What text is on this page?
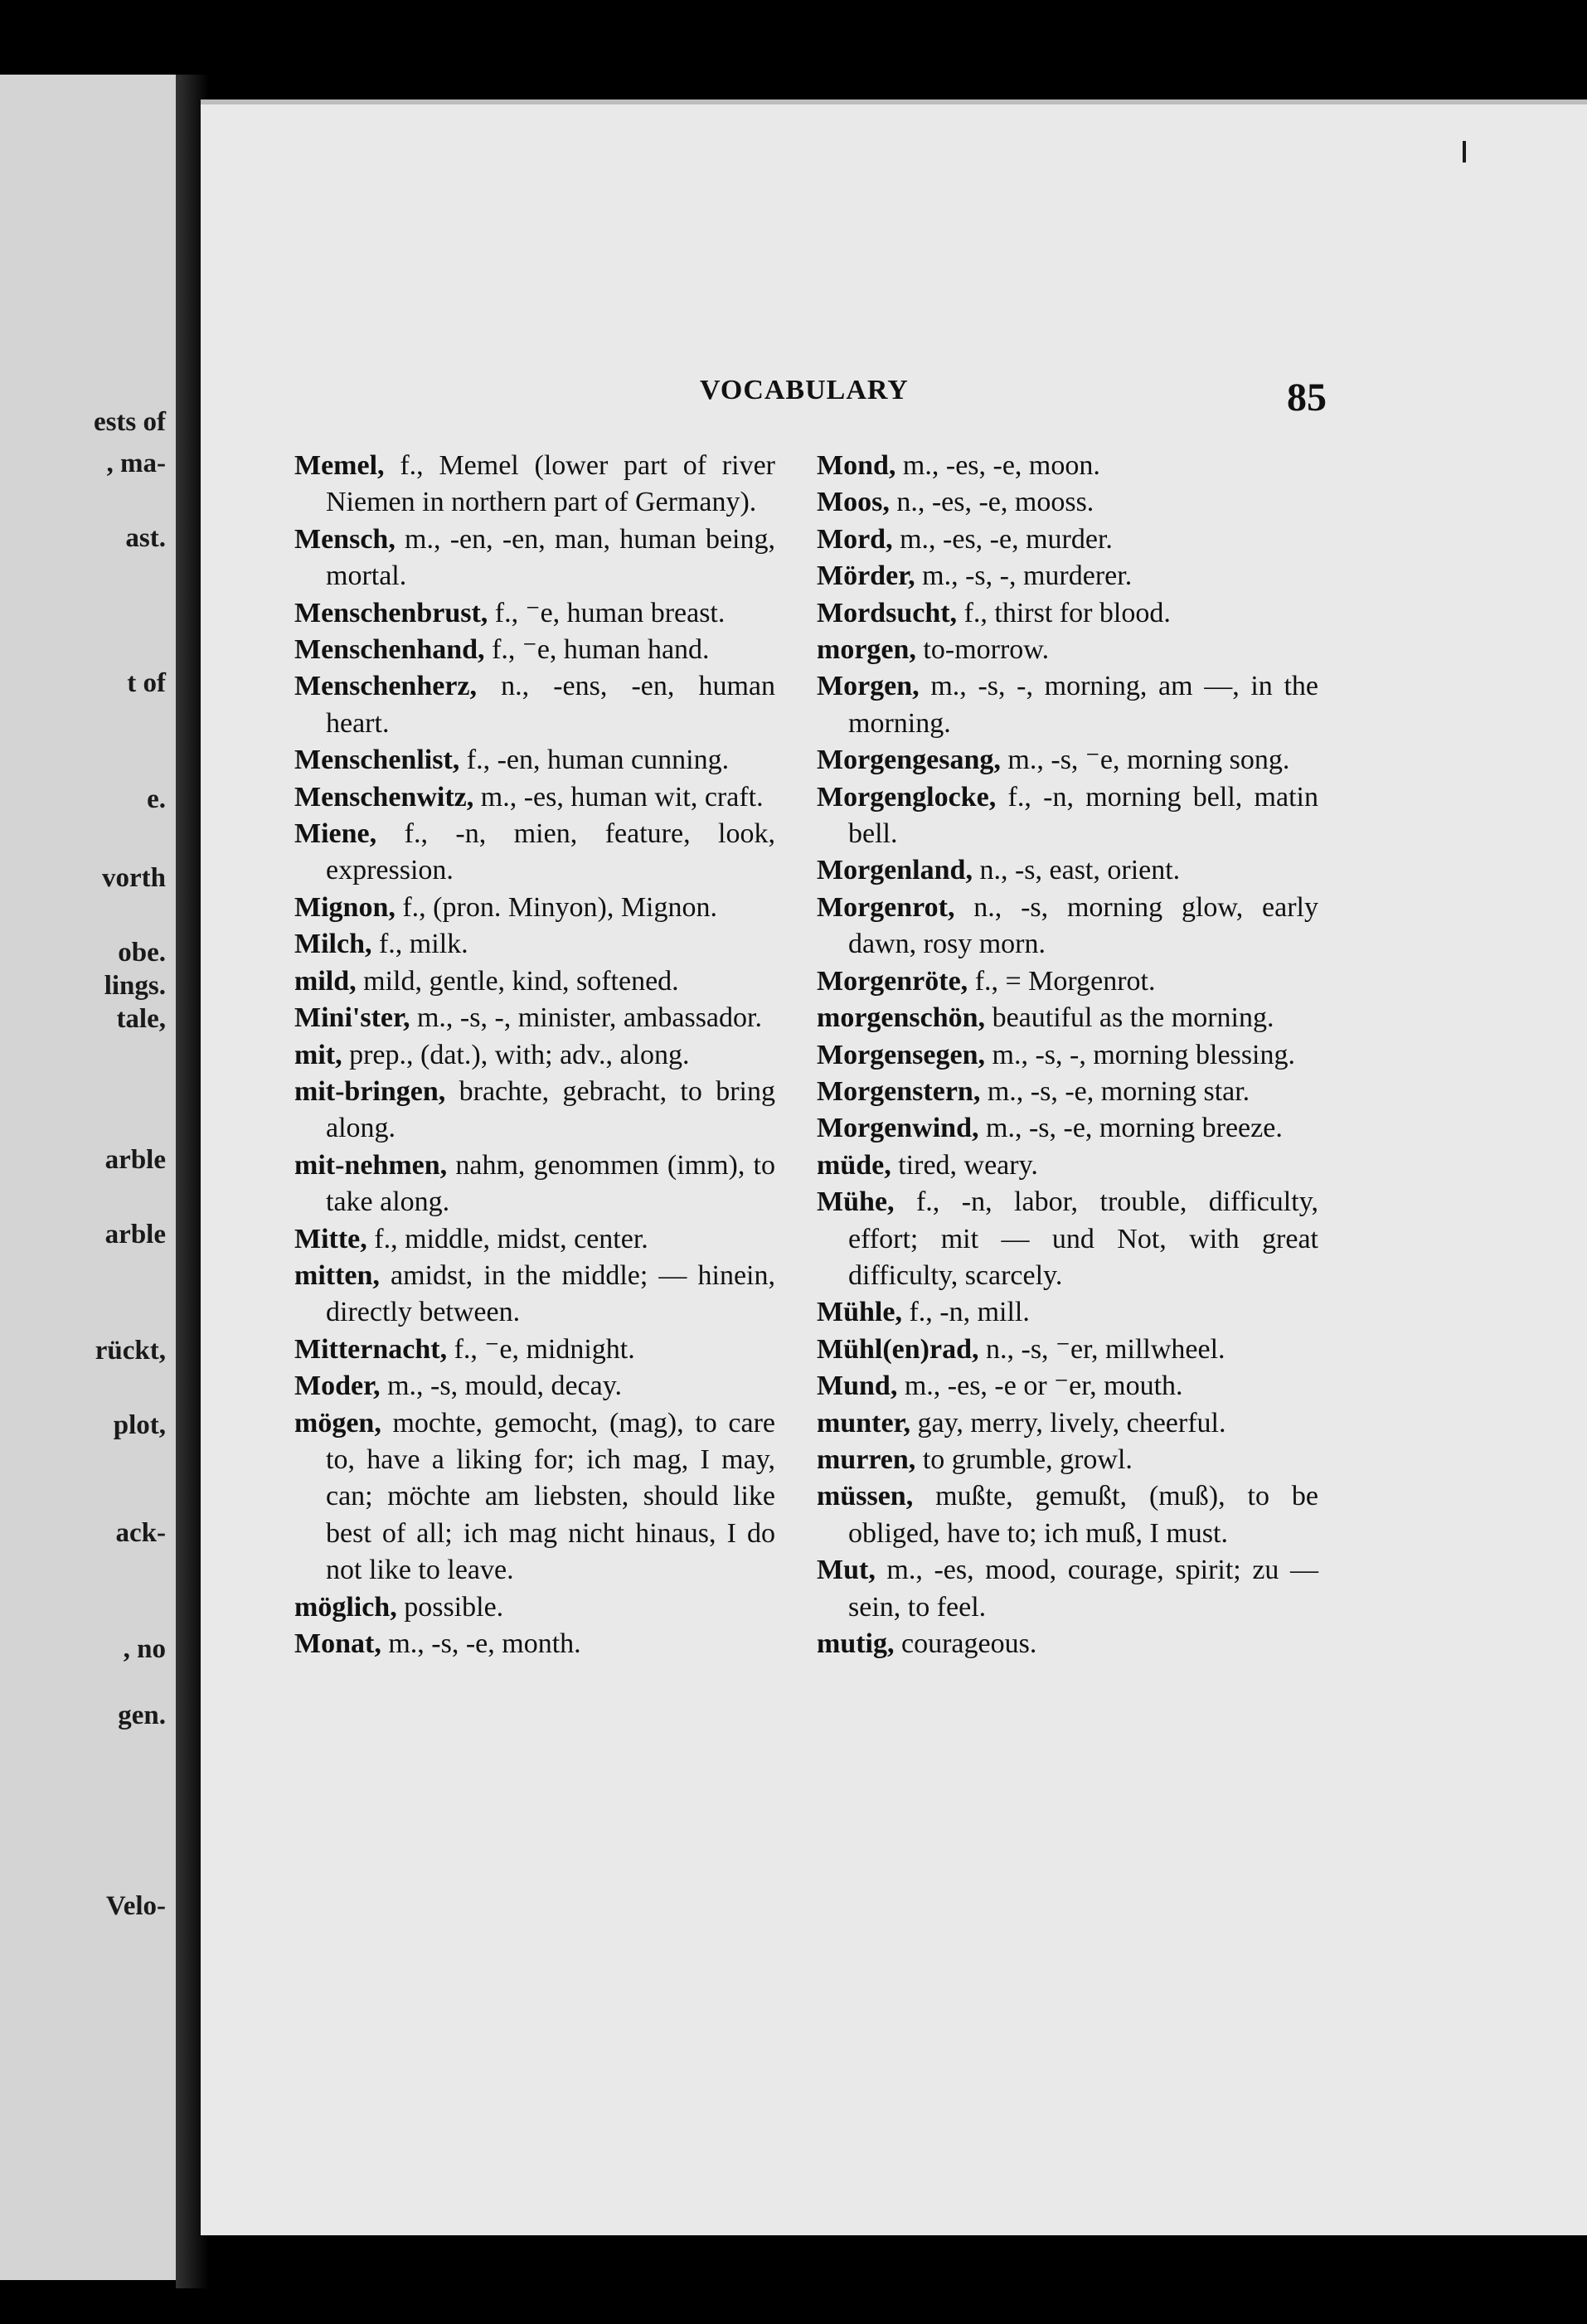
ests of
, ma-
ast.
t of
e.
vorth
obe.
lings.
tale,
arble
arble
rückt,
plot,
ack-
, no
gen.
Velo-
VOCABULARY	85

Memel, f., Memel (lower part of river Niemen in northern part of Germany).

Mensch, m., -en, -en, man, human being, mortal.

Menschenbrust, f., ⁻e, human breast.

Menschenhand, f., ⁻e, human hand.

Menschenherz, n., -ens, -en, human heart.

Menschenlist, f., -en, human cunning.

Menschenwitz, m., -es, human wit, craft.

Miene, f., -n, mien, feature, look, expression.

Mignon, f., (pron. Minyon), Mignon.

Milch, f., milk.

mild, mild, gentle, kind, softened.

Mini'ster, m., -s, -, minister, ambassador.

mit, prep., (dat.), with; adv., along.

mit-bringen, brachte, gebracht, to bring along.

mit-nehmen, nahm, genommen (imm), to take along.

Mitte, f., middle, midst, center.

mitten, amidst, in the middle; — hinein, directly between.

Mitternacht, f., ⁻e, midnight.

Moder, m., -s, mould, decay.

mögen, mochte, gemocht, (mag), to care to, have a liking for; ich mag, I may, can; möchte am liebsten, should like best of all; ich mag nicht hinaus, I do not like to leave.

möglich, possible.

Monat, m., -s, -e, month.

Mond, m., -es, -e, moon.

Moos, n., -es, -e, mooss.

Mord, m., -es, -e, murder.

Mörder, m., -s, -, murderer.

Mordsucht, f., thirst for blood.

morgen, to-morrow.

Morgen, m., -s, -, morning, am —, in the morning.

Morgengesang, m., -s, ⁻e, morning song.

Morgenglocke, f., -n, morning bell, matin bell.

Morgenland, n., -s, east, orient.

Morgenrot, n., -s, morning glow, early dawn, rosy morn.

Morgenröte, f., = Morgenrot.

morgenschön, beautiful as the morning.

Morgensegen, m., -s, -, morning blessing.

Morgenstern, m., -s, -e, morning star.

Morgenwind, m., -s, -e, morning breeze.

müde, tired, weary.

Mühe, f., -n, labor, trouble, difficulty, effort; mit — und Not, with great difficulty, scarcely.

Mühle, f., -n, mill.

Mühl(en)rad, n., -s, ⁻er, millwheel.

Mund, m., -es, -e or ⁻er, mouth.

munter, gay, merry, lively, cheerful.

murren, to grumble, growl.

müssen, mußte, gemußt, (muß), to be obliged, have to; ich muß, I must.

Mut, m., -es, mood, courage, spirit; zu — sein, to feel.

mutig, courageous.
